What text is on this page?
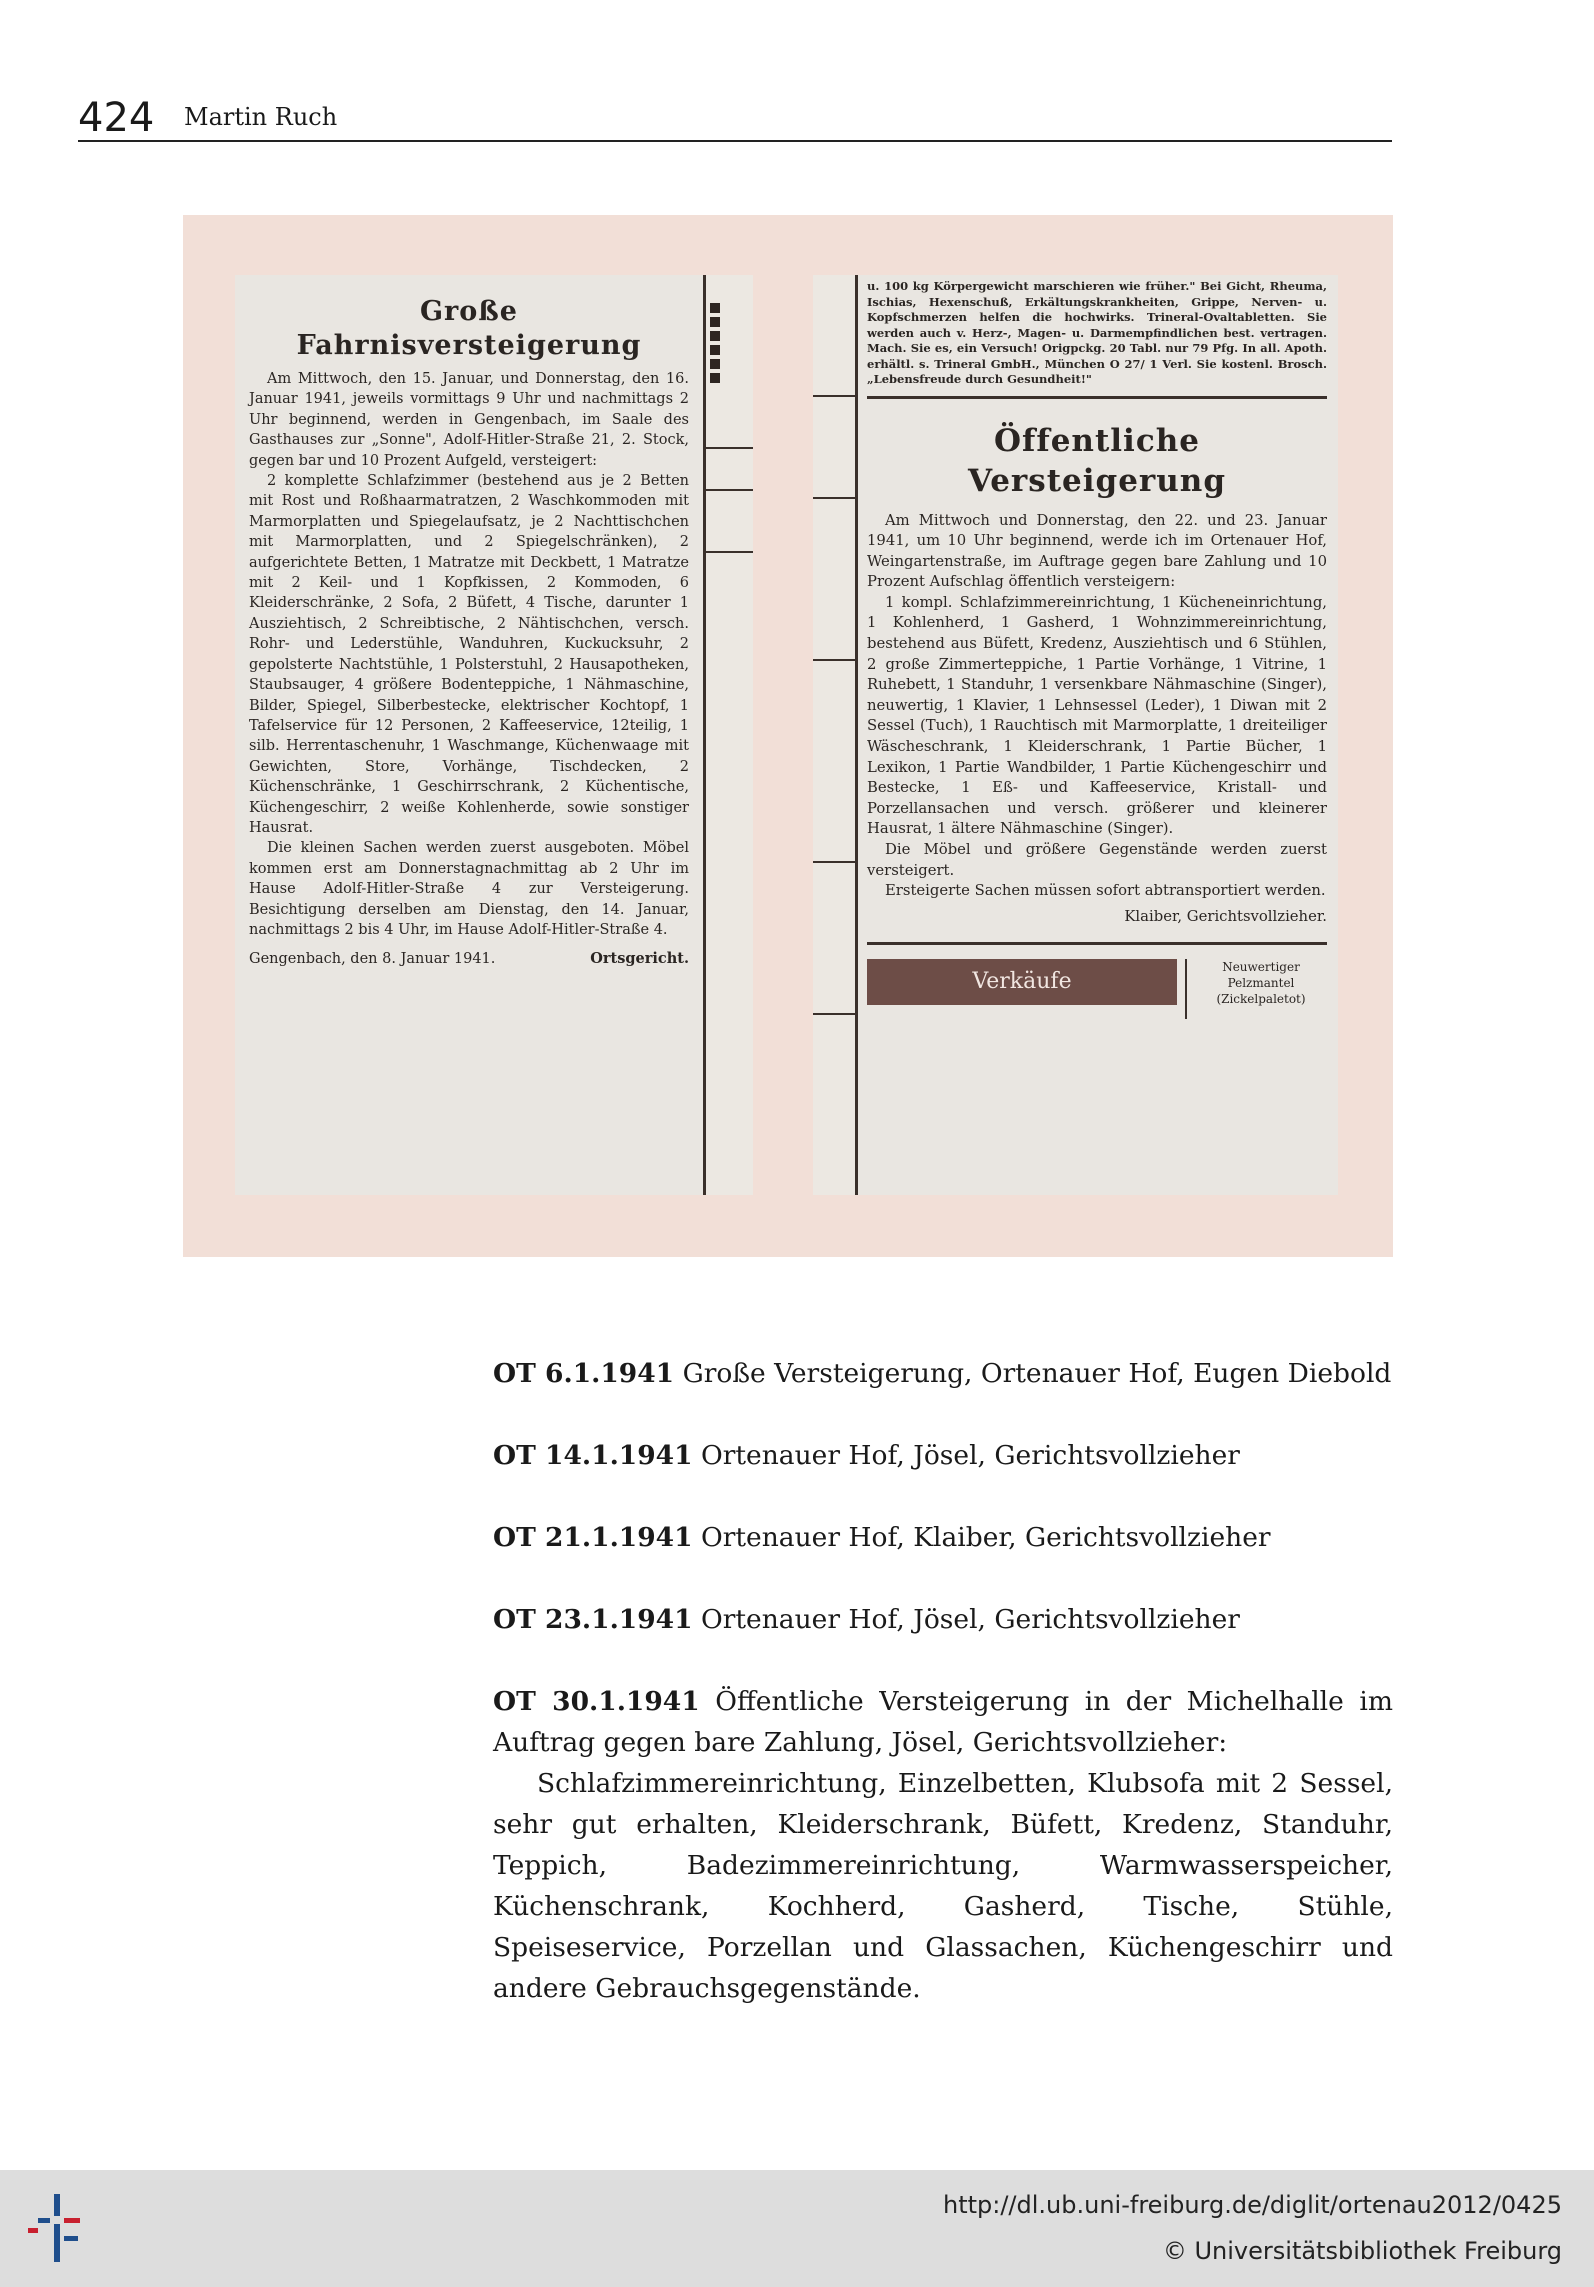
424 Martin Ruch
Große Fahrnisversteigerung

Am Mittwoch, den 15. Januar, und Donnerstag, den 16. Januar 1941, jeweils vormittags 9 Uhr und nachmittags 2 Uhr beginnend, werden in Gengenbach, im Saale des Gasthauses zur „Sonne", Adolf-Hitler-Straße 21, 2. Stock, gegen bar und 10 Prozent Aufgeld, versteigert:

2 komplette Schlafzimmer (bestehend aus je 2 Betten mit Rost und Roßhaarmatratzen, 2 Waschkommoden mit Marmorplatten und Spiegelaufsatz, je 2 Nachttischchen mit Marmorplatten, und 2 Spiegelschränken), 2 aufgerichtete Betten, 1 Matratze mit Deckbett, 1 Matratze mit 2 Keil- und 1 Kopfkissen, 2 Kommoden, 6 Kleiderschränke, 2 Sofa, 2 Büfett, 4 Tische, darunter 1 Ausziehtisch, 2 Schreibtische, 2 Nähtischchen, versch. Rohr- und Lederstühle, Wanduhren, Kuckucksuhr, 2 gepolsterte Nachtstühle, 1 Polsterstuhl, 2 Hausapotheken, Staubsauger, 4 größere Bodenteppiche, 1 Nähmaschine, Bilder, Spiegel, Silberbestecke, elektrischer Kochtopf, 1 Tafelservice für 12 Personen, 2 Kaffeeservice, 12teilig, 1 silb. Herrentaschenuhr, 1 Waschmange, Küchenwaage mit Gewichten, Store, Vorhänge, Tischdecken, 2 Küchenschränke, 1 Geschirrschrank, 2 Küchentische, Küchengeschirr, 2 weiße Kohlenherde, sowie sonstiger Hausrat.

Die kleinen Sachen werden zuerst ausgeboten. Möbel kommen erst am Donnerstagnachmittag ab 2 Uhr im Hause Adolf-Hitler-Straße 4 zur Versteigerung. Besichtigung derselben am Dienstag, den 14. Januar, nachmittags 2 bis 4 Uhr, im Hause Adolf-Hitler-Straße 4.

Gengenbach, den 8. Januar 1941.	Ortsgericht.

u. 100 kg Körpergewicht marschieren wie früher." Bei Gicht, Rheuma, Ischias, Hexenschuß, Erkältungskrankheiten, Grippe, Nerven- u. Kopfschmerzen helfen die hochwirks. Trineral-Ovaltabletten. Sie werden auch v. Herz-, Magen- u. Darmempfindlichen best. vertragen. Mach. Sie es, ein Versuch! Origpckg. 20 Tabl. nur 79 Pfg. In all. Apoth. erhältl. s. Trineral GmbH., München O 27/ 1 Verl. Sie kostenl. Brosch. „Lebensfreude durch Gesundheit!"
Öffentliche Versteigerung

Am Mittwoch und Donnerstag, den 22. und 23. Januar 1941, um 10 Uhr beginnend, werde ich im Ortenauer Hof, Weingartenstraße, im Auftrage gegen bare Zahlung und 10 Prozent Aufschlag öffentlich versteigern:

1 kompl. Schlafzimmereinrichtung, 1 Kücheneinrichtung, 1 Kohlenherd, 1 Gasherd, 1 Wohnzimmereinrichtung, bestehend aus Büfett, Kredenz, Ausziehtisch und 6 Stühlen, 2 große Zimmerteppiche, 1 Partie Vorhänge, 1 Vitrine, 1 Ruhebett, 1 Standuhr, 1 versenkbare Nähmaschine (Singer), neuwertig, 1 Klavier, 1 Lehnsessel (Leder), 1 Diwan mit 2 Sessel (Tuch), 1 Rauchtisch mit Marmorplatte, 1 dreiteiliger Wäscheschrank, 1 Kleiderschrank, 1 Partie Bücher, 1 Lexikon, 1 Partie Wandbilder, 1 Partie Küchengeschirr und Bestecke, 1 Eß- und Kaffeeservice, Kristall- und Porzellansachen und versch. größerer und kleinerer Hausrat, 1 ältere Nähmaschine (Singer).

Die Möbel und größere Gegenstände werden zuerst versteigert.

Ersteigerte Sachen müssen sofort abtransportiert werden.

Klaiber, Gerichtsvollzieher.
Verkäufe
Neuwertiger Pelzmantel (Zickelpaletot)
OT 6.1.1941 Große Versteigerung, Ortenauer Hof, Eugen Diebold
OT 14.1.1941 Ortenauer Hof, Jösel, Gerichtsvollzieher
OT 21.1.1941 Ortenauer Hof, Klaiber, Gerichtsvollzieher
OT 23.1.1941 Ortenauer Hof, Jösel, Gerichtsvollzieher
OT 30.1.1941 Öffentliche Versteigerung in der Michelhalle im Auftrag gegen bare Zahlung, Jösel, Gerichtsvollzieher:
Schlafzimmereinrichtung, Einzelbetten, Klubsofa mit 2 Sessel, sehr gut erhalten, Kleiderschrank, Büfett, Kredenz, Standuhr, Teppich, Badezimmereinrichtung, Warmwasserspeicher, Küchenschrank, Kochherd, Gasherd, Tische, Stühle, Speiseservice, Porzellan und Glassachen, Küchengeschirr und andere Gebrauchsgegenstände.
http://dl.ub.uni-freiburg.de/diglit/ortenau2012/0425
© Universitätsbibliothek Freiburg
